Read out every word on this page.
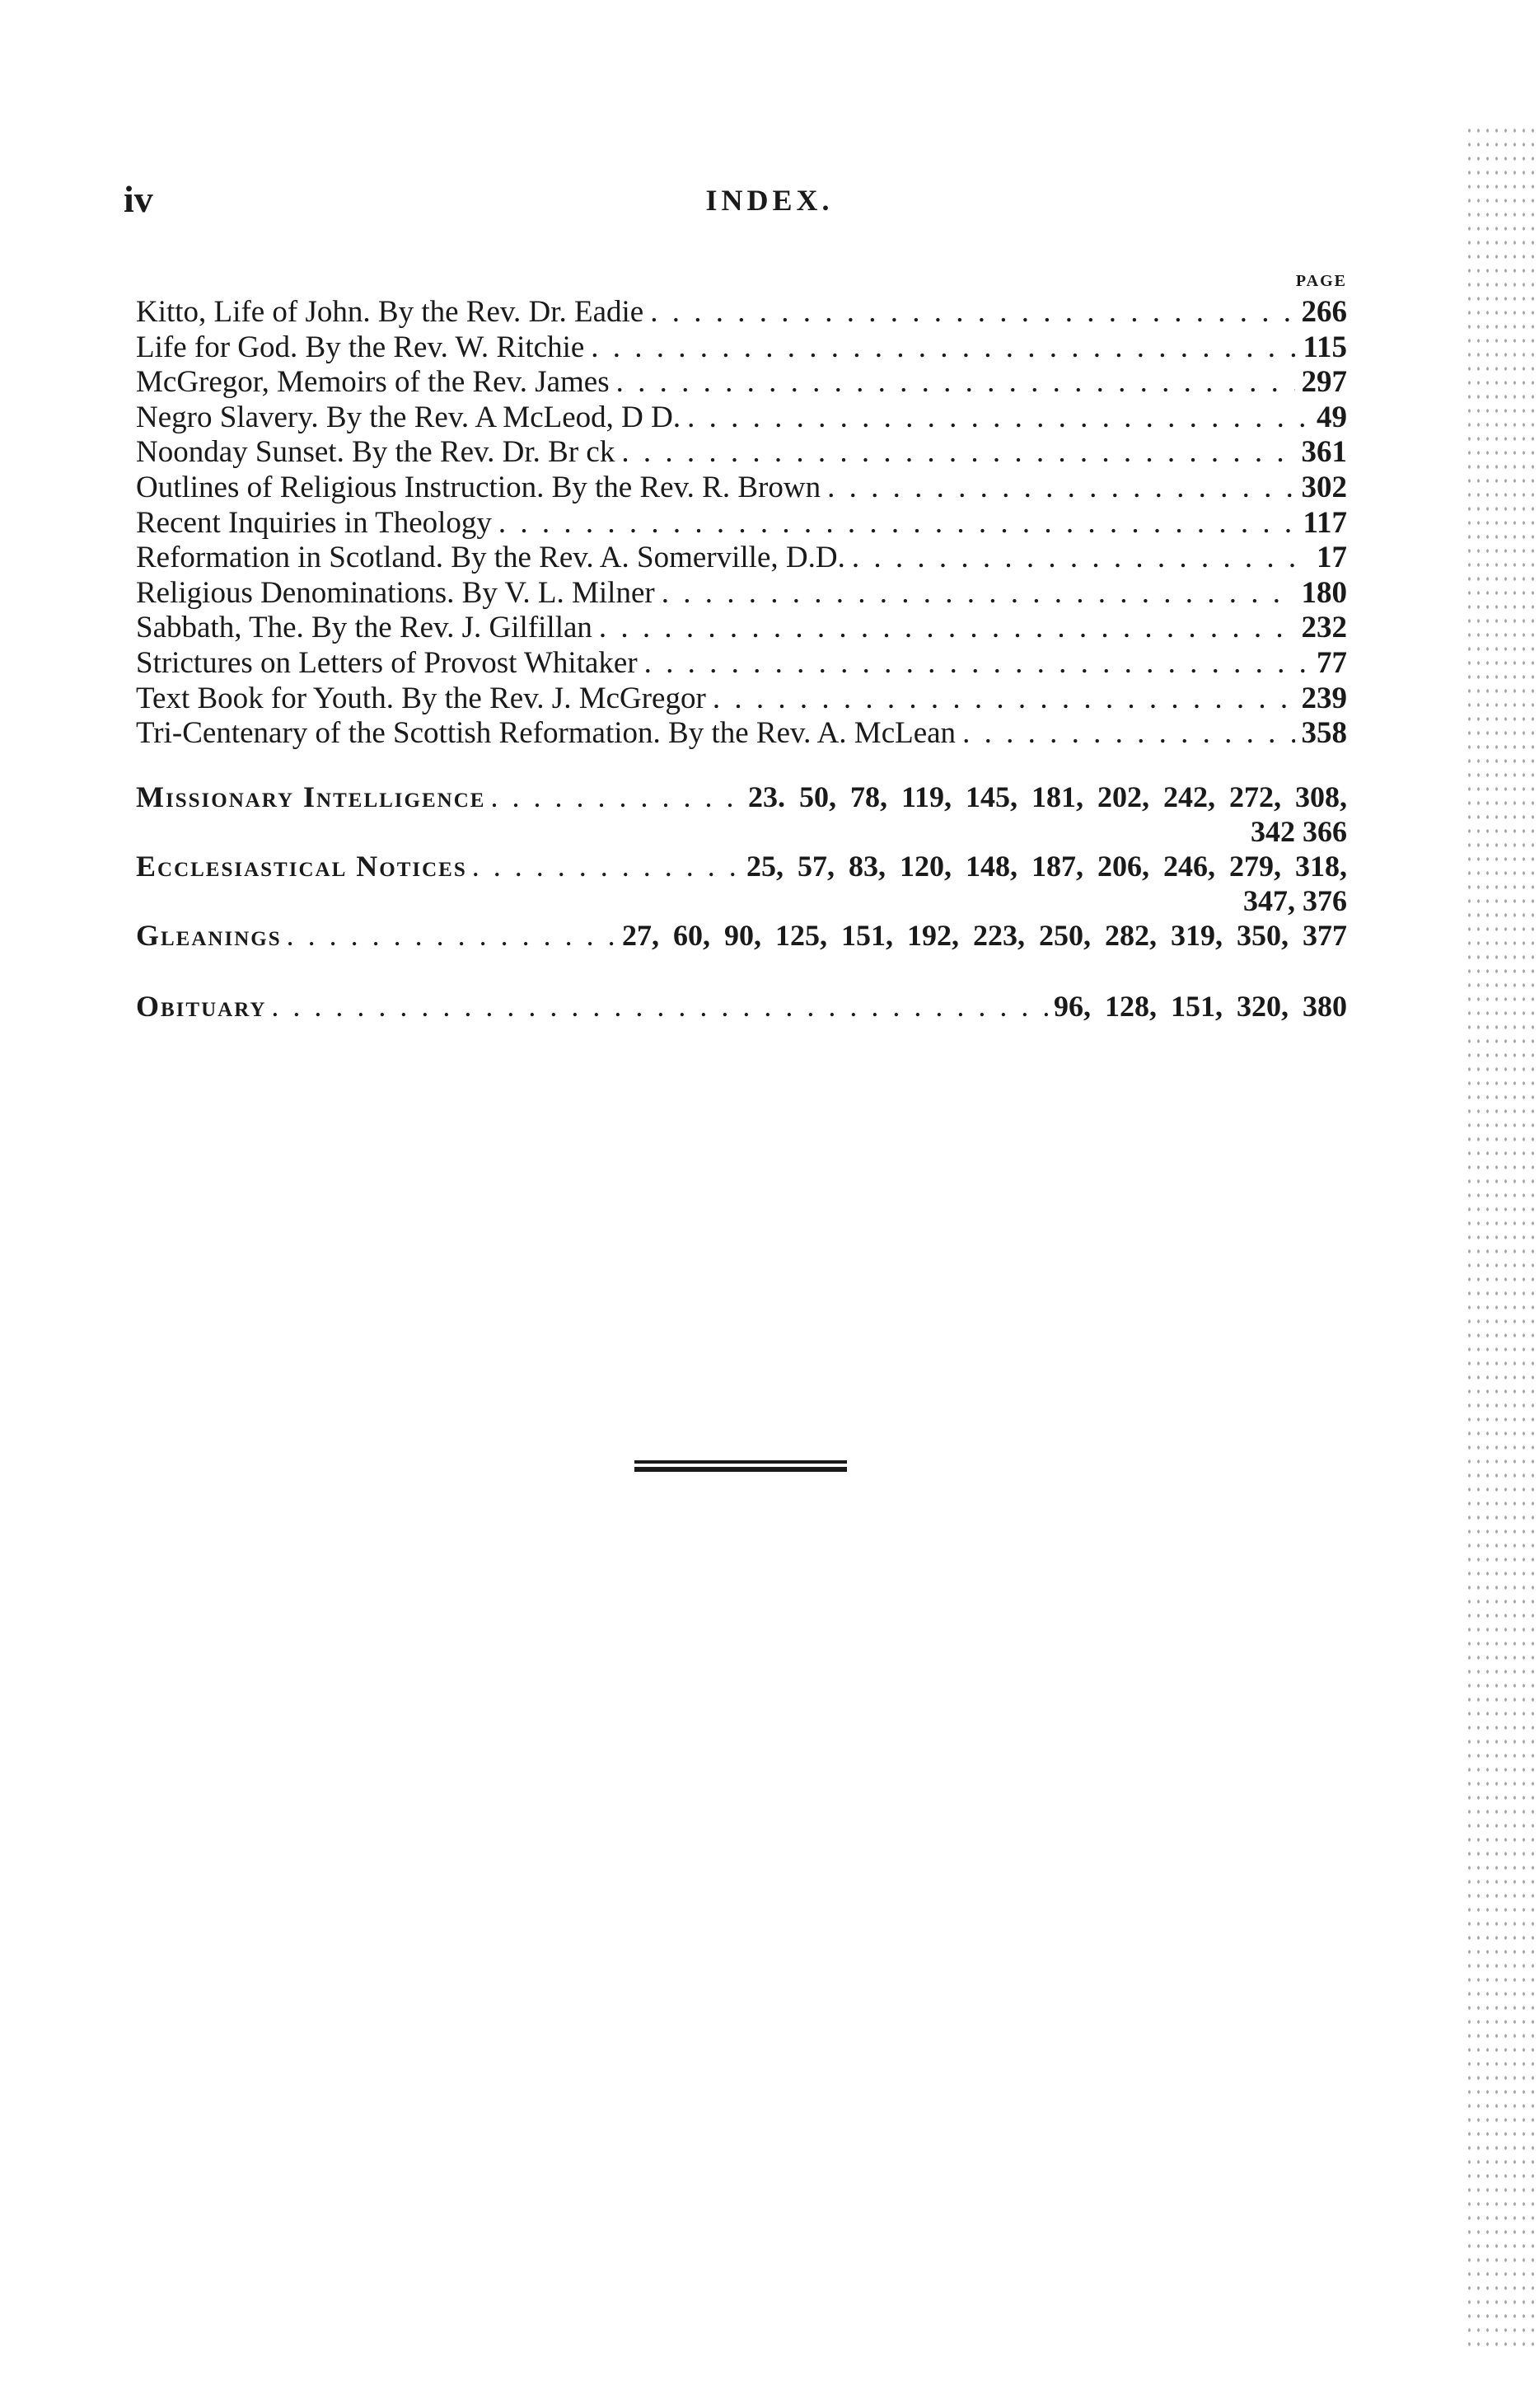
iv	INDEX.
PAGE
Kitto, Life of John. By the Rev. Dr. Eadie . . .	266
Life for God. By the Rev. W. Ritchie . . .	115
McGregor, Memoirs of the Rev. James . . .	297
Negro Slavery. By the Rev. A McLeod, D D. . . .	49
Noonday Sunset. By the Rev. Dr. Br ck . . .	361
Outlines of Religious Instruction. By the Rev. R. Brown . . .	302
Recent Inquiries in Theology . . .	117
Reformation in Scotland. By the Rev. A. Somerville, D.D. . . .	17
Religious Denominations. By V. L. Milner . . .	180
Sabbath, The. By the Rev. J. Gilfillan . . .	232
Strictures on Letters of Provost Whitaker . . .	77
Text Book for Youth. By the Rev. J. McGregor . . .	239
Tri-Centenary of the Scottish Reformation. By the Rev. A. McLean . . .	358
Missionary Intelligence . . .	23. 50, 78, 119, 145, 181, 202, 242, 272, 308,
342 366
Ecclesiastical Notices . . .	25, 57, 83, 120, 148, 187, 206, 246, 279, 318,
347, 376
Gleanings . . .	27, 60, 90, 125, 151, 192, 223, 250, 282, 319, 350, 377
Obituary . . .	96, 128, 151, 320, 380
